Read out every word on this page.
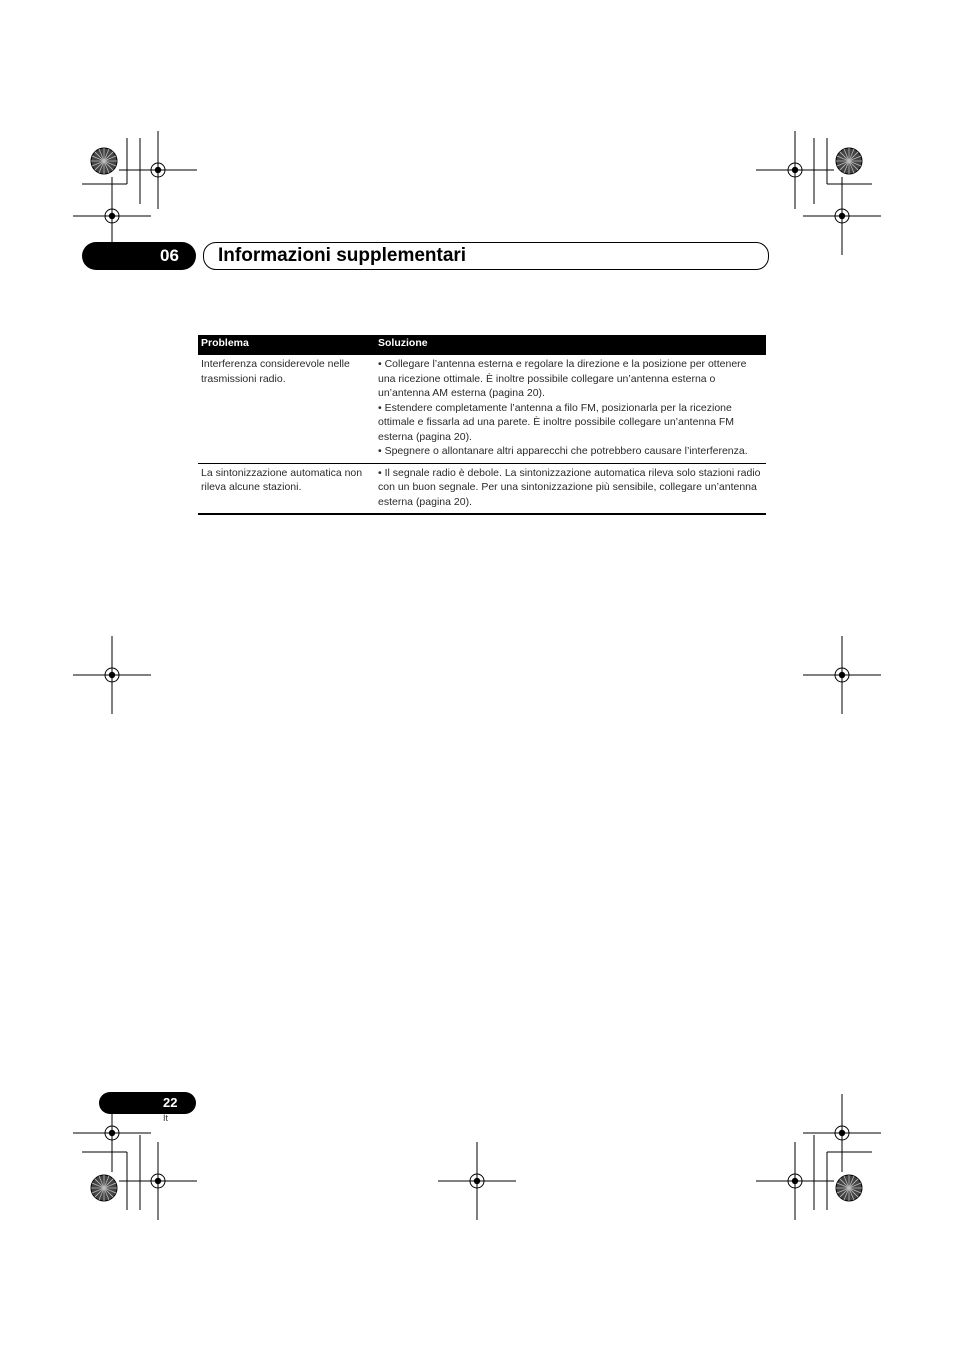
06 Informazioni supplementari
Problema	Soluzione
Interferenza considerevole nelle trasmissioni radio.	• Collegare l’antenna esterna e regolare la direzione e la posizione per ottenere una ricezione ottimale. È inoltre possibile collegare un’antenna esterna o un’antenna AM esterna (pagina 20).
• Estendere completamente l’antenna a filo FM, posizionarla per la ricezione ottimale e fissarla ad una parete. È inoltre possibile collegare un’antenna FM esterna (pagina 20).
• Spegnere o allontanare altri apparecchi che potrebbero causare l’interferenza.

La sintonizzazione automatica non rileva alcune stazioni.	• Il segnale radio è debole. La sintonizzazione automatica rileva solo stazioni radio con un buon segnale. Per una sintonizzazione più sensibile, collegare un’antenna esterna (pagina 20).
22
It
